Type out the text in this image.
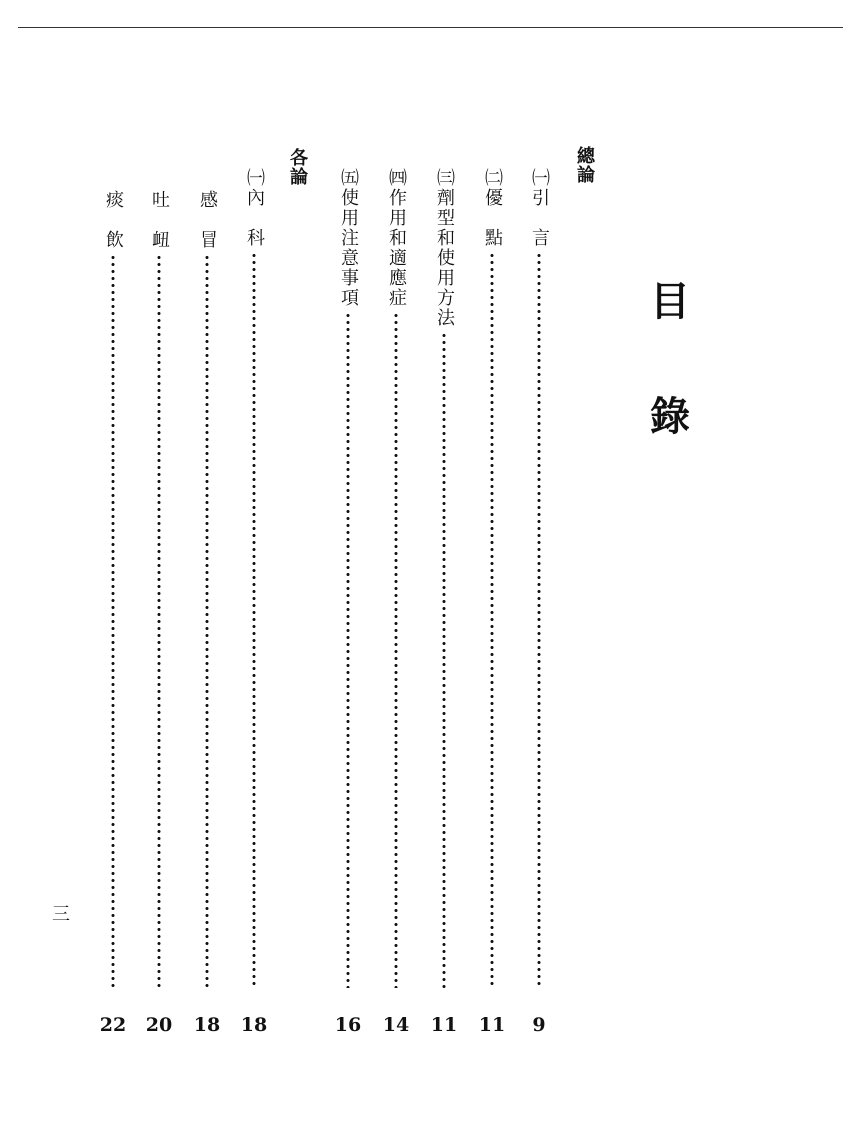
目
錄
總論
各論
㈠引　言
㈡優　點
㈢劑型和使用方法
㈣作用和適應症
㈤使用注意事項
㈠內　科
感　冒
吐　衄
痰　飲
9
11
11
14
16
18
18
20
22
三
